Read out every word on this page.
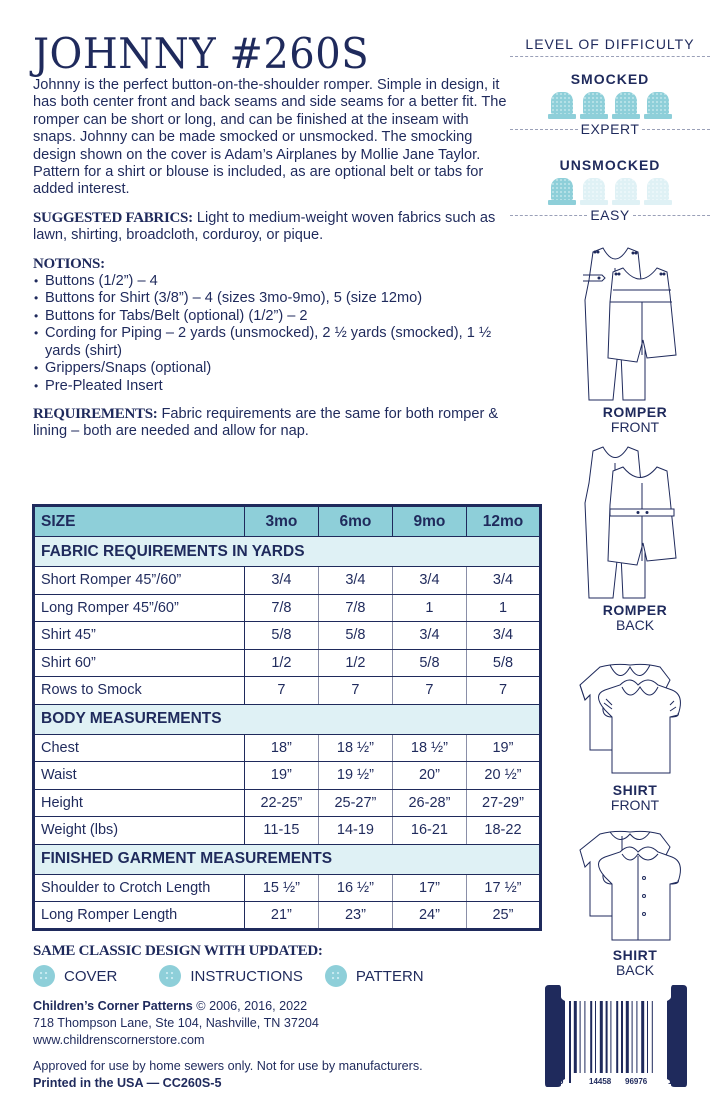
JOHNNY #260S

Johnny is the perfect button-on-the-shoulder romper. Simple in design, it has both center front and back seams and side seams for a better fit. The romper can be short or long, and can be finished at the inseam with snaps. Johnny can be made smocked or unsmocked. The smocking design shown on the cover is Adam’s Airplanes by Mollie Jane Taylor. Pattern for a shirt or blouse is included, as are optional belt or tabs for added interest.

SUGGESTED FABRICS: Light to medium-weight woven fabrics such as lawn, shirting, broadcloth, corduroy, or pique.

NOTIONS:
• Buttons (1/2”) – 4
• Buttons for Shirt (3/8”) – 4 (sizes 3mo-9mo), 5 (size 12mo)
• Buttons for Tabs/Belt (optional) (1/2”) – 2
• Cording for Piping – 2 yards (unsmocked), 2 ½ yards (smocked), 1 ½ yards (shirt)
• Grippers/Snaps (optional)
• Pre-Pleated Insert

REQUIREMENTS: Fabric requirements are the same for both romper & lining – both are needed and allow for nap.

SIZE	3mo	6mo	9mo	12mo
FABRIC REQUIREMENTS IN YARDS				
Short Romper 45”/60”	3/4	3/4	3/4	3/4
Long Romper 45”/60”	7/8	7/8	1	1
Shirt 45”	5/8	5/8	3/4	3/4
Shirt 60”	1/2	1/2	5/8	5/8
Rows to Smock	7	7	7	7
BODY MEASUREMENTS				
Chest	18”	18 ½”	18 ½”	19”
Waist	19”	19 ½”	20”	20 ½”
Height	22-25”	25-27”	26-28”	27-29”
Weight (lbs)	11-15	14-19	16-21	18-22
FINISHED GARMENT MEASUREMENTS				
Shoulder to Crotch Length	15 ½”	16 ½”	17”	17 ½”
Long Romper Length	21”	23”	24”	25”
SAME CLASSIC DESIGN WITH UPDATED:
COVER	INSTRUCTIONS	PATTERN
Children’s Corner Patterns © 2006, 2016, 2022
718 Thompson Lane, Ste 104, Nashville, TN 37204
www.childrenscornerstore.com
Approved for use by home sewers only. Not for use by manufacturers.
Printed in the USA — CC260S-5
LEVEL OF DIFFICULTY
SMOCKED
EXPERT
UNSMOCKED
EASY
ROMPER
FRONT
ROMPER
BACK
SHIRT
FRONT
SHIRT
BACK
0	14458 96976	1
